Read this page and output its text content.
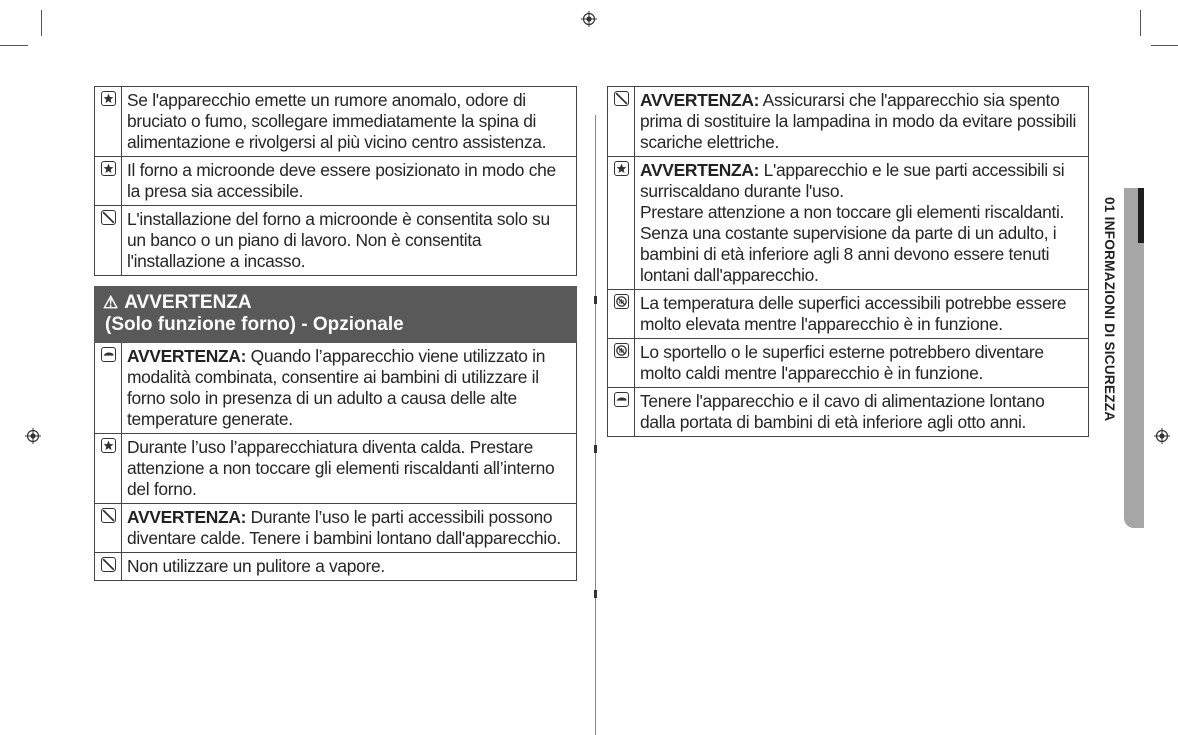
Se l'apparecchio emette un rumore anomalo, odore di bruciato o fumo, scollegare immediatamente la spina di alimentazione e rivolgersi al più vicino centro assistenza.

Il forno a microonde deve essere posizionato in modo che la presa sia accessibile.

L'installazione del forno a microonde è consentita solo su un banco o un piano di lavoro. Non è consentita l'installazione a incasso.

⚠ AVVERTENZA
(Solo funzione forno) - Opzionale

AVVERTENZA: Quando l’apparecchio viene utilizzato in modalità combinata, consentire ai bambini di utilizzare il forno solo in presenza di un adulto a causa delle alte temperature generate.

Durante l’uso l’apparecchiatura diventa calda. Prestare attenzione a non toccare gli elementi riscaldanti all’interno del forno.

AVVERTENZA: Durante l’uso le parti accessibili possono diventare calde. Tenere i bambini lontano dall'apparecchio.

Non utilizzare un pulitore a vapore.

AVVERTENZA: Assicurarsi che l'apparecchio sia spento prima di sostituire la lampadina in modo da evitare possibili scariche elettriche.

AVVERTENZA: L'apparecchio e le sue parti accessibili si surriscaldano durante l'uso.

Prestare attenzione a non toccare gli elementi riscaldanti.

Senza una costante supervisione da parte di un adulto, i bambini di età inferiore agli 8 anni devono essere tenuti lontani dall'apparecchio.

La temperatura delle superfici accessibili potrebbe essere molto elevata mentre l'apparecchio è in funzione.

Lo sportello o le superfici esterne potrebbero diventare molto caldi mentre l'apparecchio è in funzione.

Tenere l'apparecchio e il cavo di alimentazione lontano dalla portata di bambini di età inferiore agli otto anni.

01 INFORMAZIONI DI SICUREZZA
